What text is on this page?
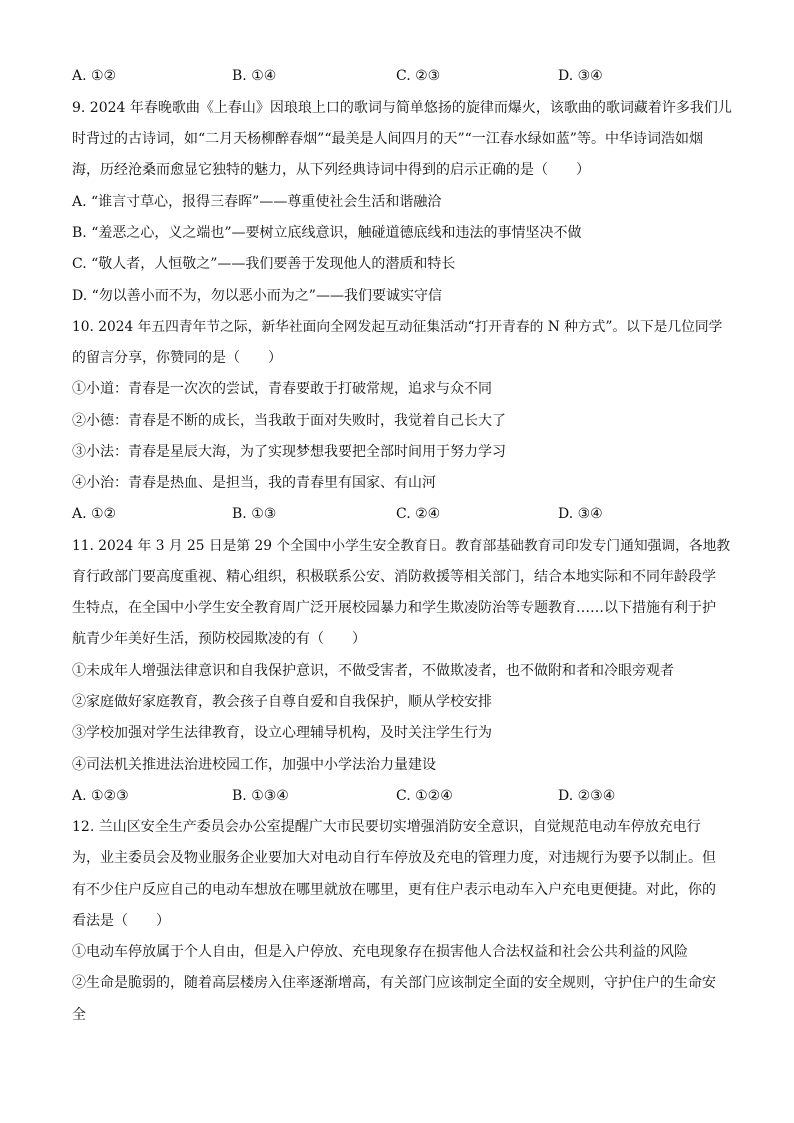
A. ①②	B. ①④	C. ②③	D. ③④
9. 2024 年春晚歌曲《上春山》因琅琅上口的歌词与简单悠扬的旋律而爆火，该歌曲的歌词藏着许多我们儿
时背过的古诗词，如“二月天杨柳醉春烟”“最美是人间四月的天”“一江春水绿如蓝”等。中华诗词浩如烟
海，历经沧桑而愈显它独特的魅力，从下列经典诗词中得到的启示正确的是（　　）
A. “谁言寸草心，报得三春晖”——尊重使社会生活和谐融洽
B. “羞恶之心，义之端也”—要树立底线意识，触碰道德底线和违法的事情坚决不做
C. “敬人者，人恒敬之”——我们要善于发现他人的潜质和特长
D. “勿以善小而不为，勿以恶小而为之”——我们要诚实守信
10. 2024 年五四青年节之际，新华社面向全网发起互动征集活动“打开青春的 N 种方式”。以下是几位同学
的留言分享，你赞同的是（　　）
①小道：青春是一次次的尝试，青春要敢于打破常规，追求与众不同
②小德：青春是不断的成长，当我敢于面对失败时，我觉着自己长大了
③小法：青春是星辰大海，为了实现梦想我要把全部时间用于努力学习
④小治：青春是热血、是担当，我的青春里有国家、有山河
A. ①②	B. ①③	C. ②④	D. ③④
11. 2024 年 3 月 25 日是第 29 个全国中小学生安全教育日。教育部基础教育司印发专门通知强调，各地教
育行政部门要高度重视、精心组织，积极联系公安、消防救援等相关部门，结合本地实际和不同年龄段学
生特点，在全国中小学生安全教育周广泛开展校园暴力和学生欺凌防治等专题教育……以下措施有利于护
航青少年美好生活，预防校园欺凌的有（　　）
①未成年人增强法律意识和自我保护意识，不做受害者，不做欺凌者，也不做附和者和冷眼旁观者
②家庭做好家庭教育，教会孩子自尊自爱和自我保护，顺从学校安排
③学校加强对学生法律教育，设立心理辅导机构，及时关注学生行为
④司法机关推进法治进校园工作，加强中小学法治力量建设
A. ①②③	B. ①③④	C. ①②④	D. ②③④
12. 兰山区安全生产委员会办公室提醒广大市民要切实增强消防安全意识，自觉规范电动车停放充电行
为，业主委员会及物业服务企业要加大对电动自行车停放及充电的管理力度，对违规行为要予以制止。但
有不少住户反应自己的电动车想放在哪里就放在哪里，更有住户表示电动车入户充电更便捷。对此，你的
看法是（　　）
①电动车停放属于个人自由，但是入户停放、充电现象存在损害他人合法权益和社会公共利益的风险
②生命是脆弱的，随着高层楼房入住率逐渐增高，有关部门应该制定全面的安全规则，守护住户的生命安
全
